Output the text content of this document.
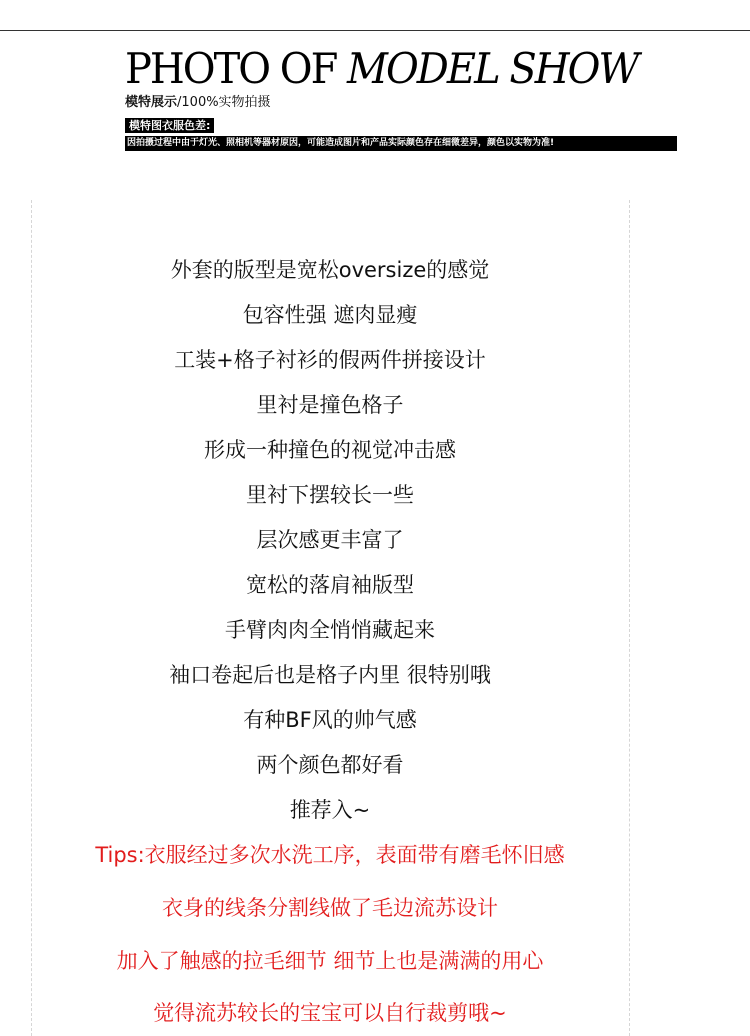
PHOTO OF MODEL SHOW
模特展示/100%实物拍摄
模特图衣服色差:
因拍摄过程中由于灯光、照相机等器材原因，可能造成图片和产品实际颜色存在细微差异，颜色以实物为准!
外套的版型是宽松oversize的感觉
包容性强 遮肉显瘦
工装+格子衬衫的假两件拼接设计
里衬是撞色格子
形成一种撞色的视觉冲击感
里衬下摆较长一些
层次感更丰富了
宽松的落肩袖版型
手臂肉肉全悄悄藏起来
袖口卷起后也是格子内里 很特别哦
有种BF风的帅气感
两个颜色都好看
推荐入~
Tips:衣服经过多次水洗工序，表面带有磨毛怀旧感
衣身的线条分割线做了毛边流苏设计
加入了触感的拉毛细节 细节上也是满满的用心
觉得流苏较长的宝宝可以自行裁剪哦~
